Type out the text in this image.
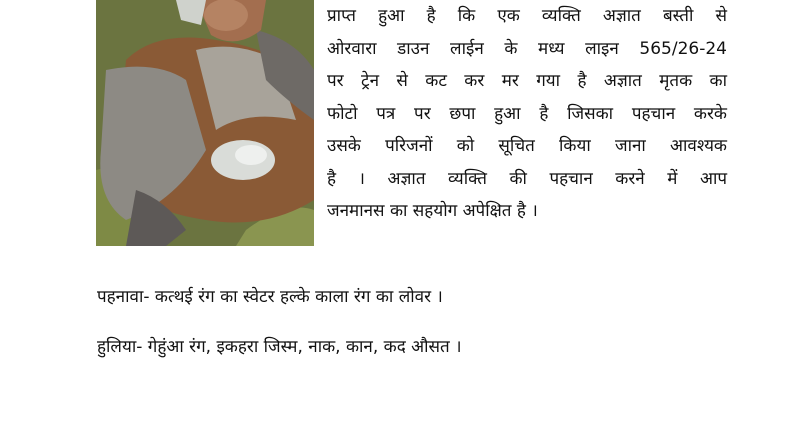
प्राप्त हुआ है कि एक व्यक्ति अज्ञात बस्ती से
ओरवारा डाउन लाईन के मध्य लाइन 565/26-24
पर ट्रेन से कट कर मर गया है अज्ञात मृतक का
फोटो पत्र पर छपा हुआ है जिसका पहचान करके
उसके परिजनों को सूचित किया जाना आवश्यक
है । अज्ञात व्यक्ति की पहचान करने में आप
जनमानस का सहयोग अपेक्षित है ।
पहनावा- कत्थई रंग का स्वेटर हल्के काला रंग का लोवर ।
हुलिया- गेहुंआ रंग, इकहरा जिस्म, नाक, कान, कद औसत ।
